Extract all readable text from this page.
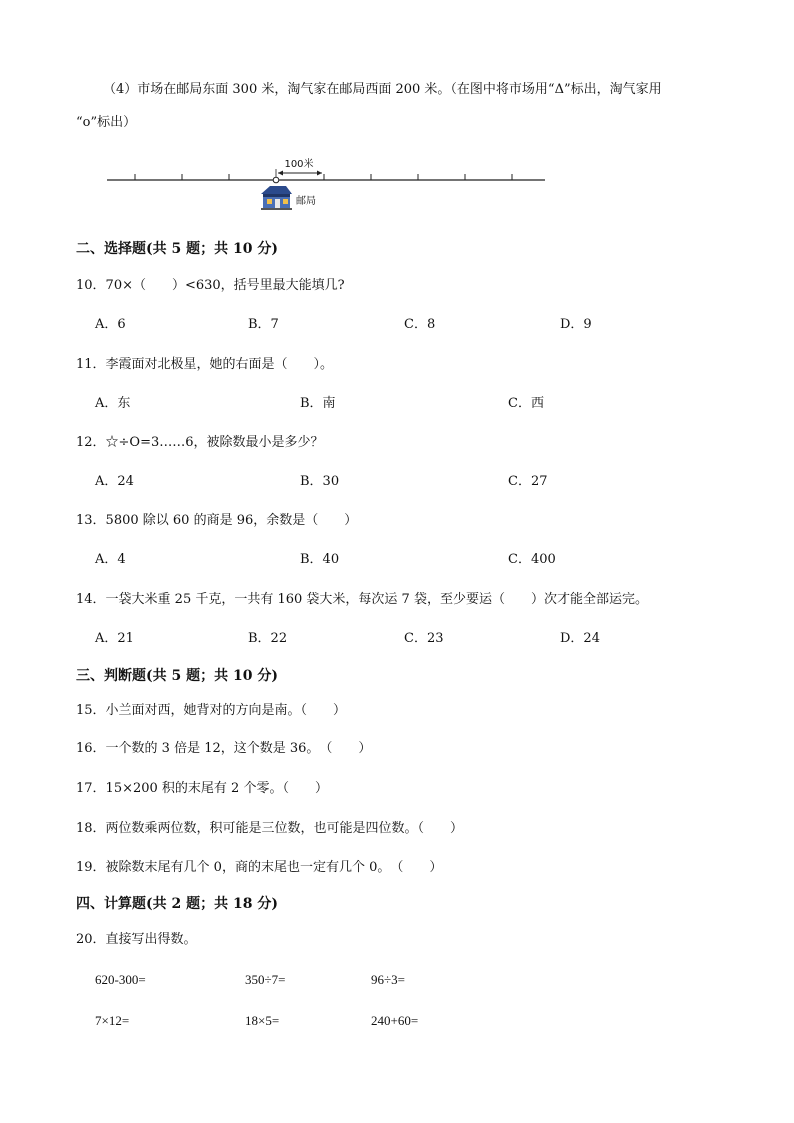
（4）市场在邮局东面 300 米，淘气家在邮局西面 200 米。（在图中将市场用“Δ”标出，淘气家用
“o”标出）
100米
邮局
二、选择题(共 5 题；共 10 分)
10．70×（　　）<630，括号里最大能填几?
A．6	B．7	C．8	D．9
11．李霞面对北极星，她的右面是（　　）。
A．东	B．南	C．西
12．☆÷O=3……6，被除数最小是多少？
A．24	B．30	C．27
13．5800 除以 60 的商是 96，余数是（　　）
A．4	B．40	C．400
14．一袋大米重 25 千克，一共有 160 袋大米，每次运 7 袋，至少要运（　　）次才能全部运完。
A．21	B．22	C．23	D．24
三、判断题(共 5 题；共 10 分)
15．小兰面对西，她背对的方向是南。（　　）
16．一个数的 3 倍是 12，这个数是 36。　（　　）
17．15×200 积的末尾有 2 个零。（　　）
18．两位数乘两位数，积可能是三位数，也可能是四位数。（　　）
19．被除数末尾有几个 0，商的末尾也一定有几个 0。　（　　）
四、计算题(共 2 题；共 18 分)
20．直接写出得数。
620-300=	350÷7=	96÷3=
7×12=	18×5=	240+60=
